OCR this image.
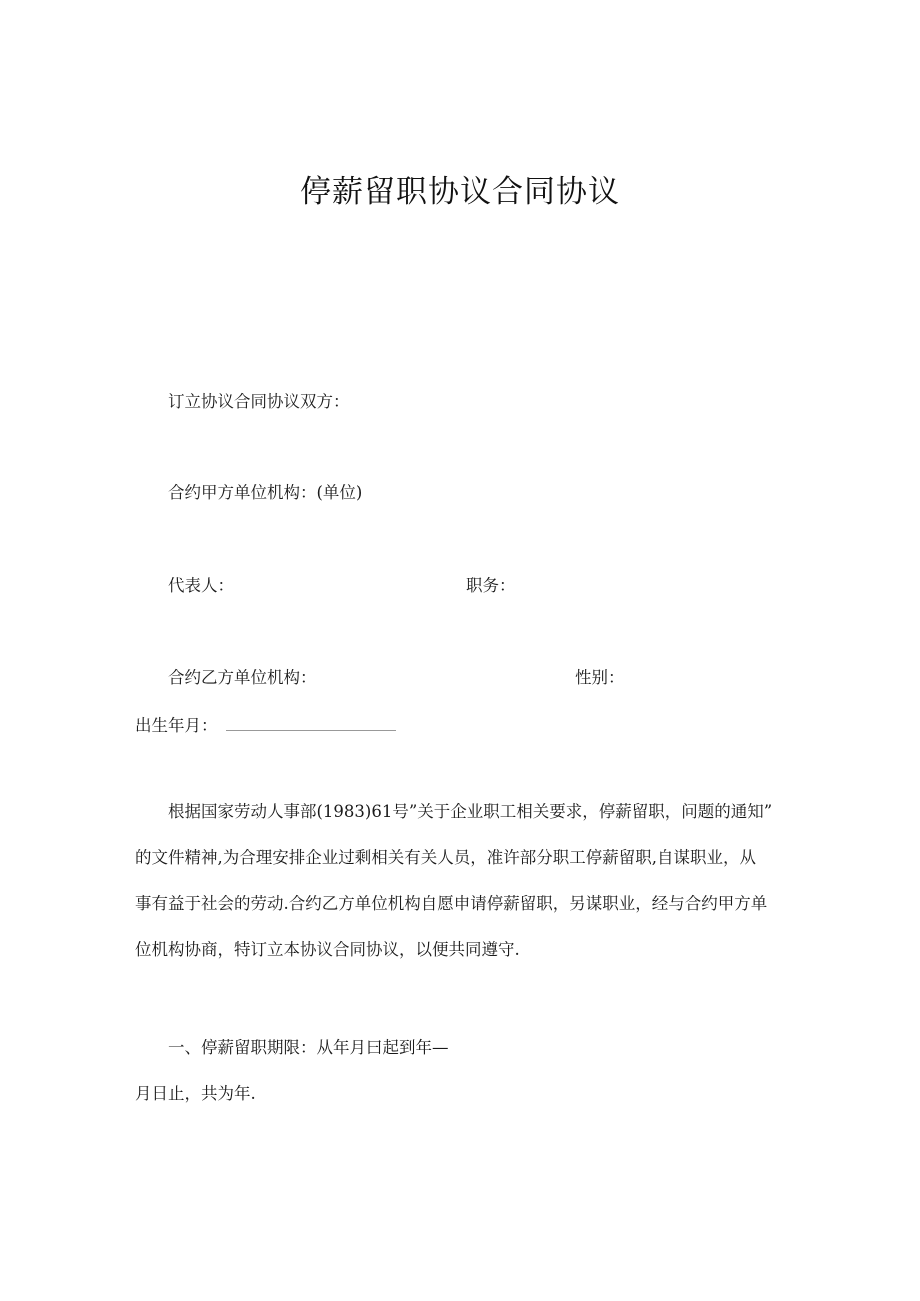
停薪留职协议合同协议
订立协议合同协议双方：
合约甲方单位机构：(单位)
代表人：	职务：
合约乙方单位机构：	性别：
出生年月：
根据国家劳动人事部(1983)61号”关于企业职工相关要求，停薪留职，问题的通知”
的文件精神,为合理安排企业过剩相关有关人员，准许部分职工停薪留职,自谋职业，从
事有益于社会的劳动.合约乙方单位机构自愿申请停薪留职，另谋职业，经与合约甲方单
位机构协商，特订立本协议合同协议，以便共同遵守.
一、停薪留职期限：从年月曰起到年—
月日止，共为年.
